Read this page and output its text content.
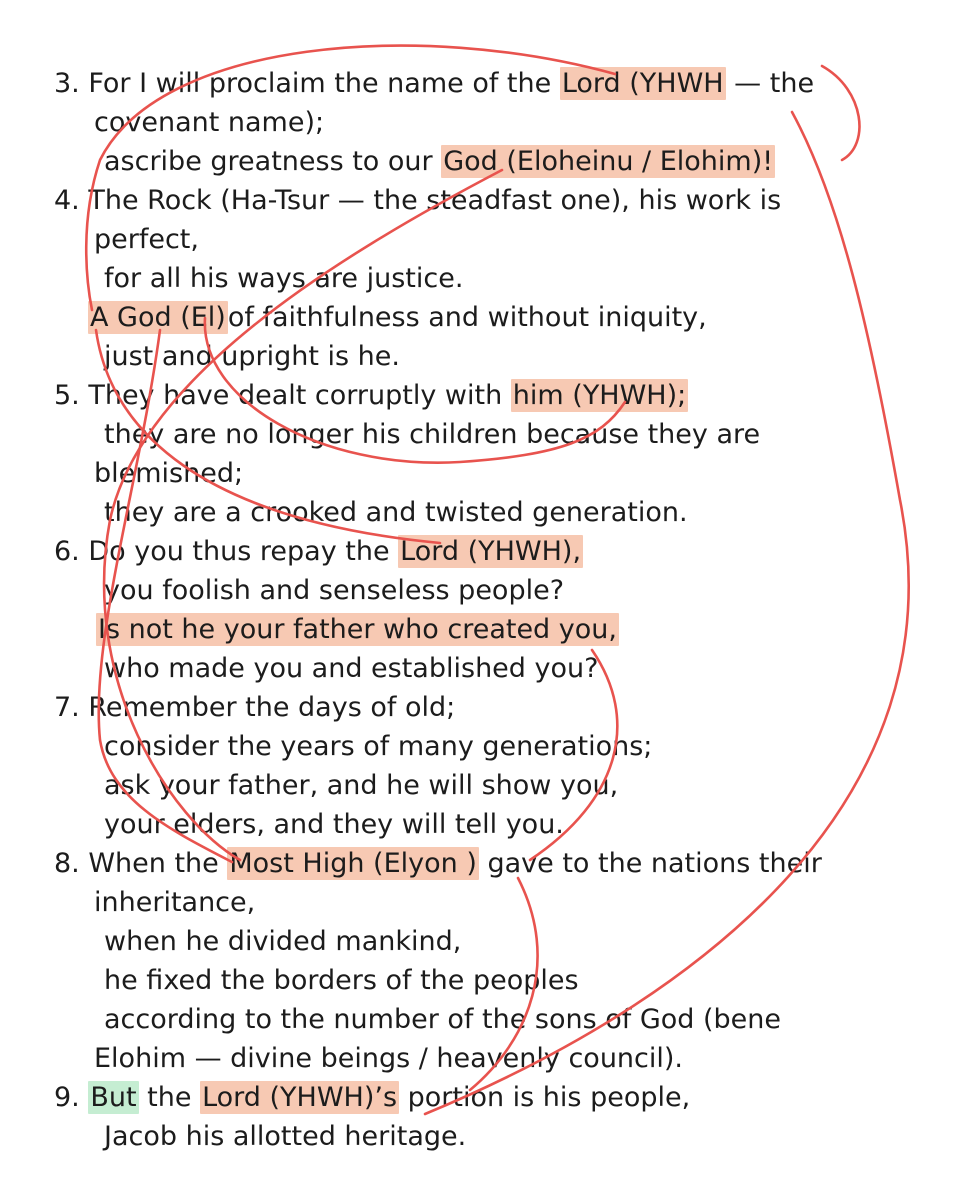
3. For I will proclaim the name of the Lord (YHWH — the
covenant name);
ascribe greatness to our God (Eloheinu / Elohim)!
4. The Rock (Ha-Tsur — the steadfast one), his work is
perfect,
for all his ways are justice.
A God (El)of faithfulness and without iniquity,
just and upright is he.
5. They have dealt corruptly with him (YHWH);
they are no longer his children because they are
blemished;
they are a crooked and twisted generation.
6. Do you thus repay the Lord (YHWH),
you foolish and senseless people?
Is not he your father who created you,
who made you and established you?
7. Remember the days of old;
consider the years of many generations;
ask your father, and he will show you,
your elders, and they will tell you.
8. When the Most High (Elyon ) gave to the nations their
inheritance,
when he divided mankind,
he fixed the borders of the peoples
according to the number of the sons of God (bene
Elohim — divine beings / heavenly council).
9. But the Lord (YHWH)’s portion is his people,
Jacob his allotted heritage.
